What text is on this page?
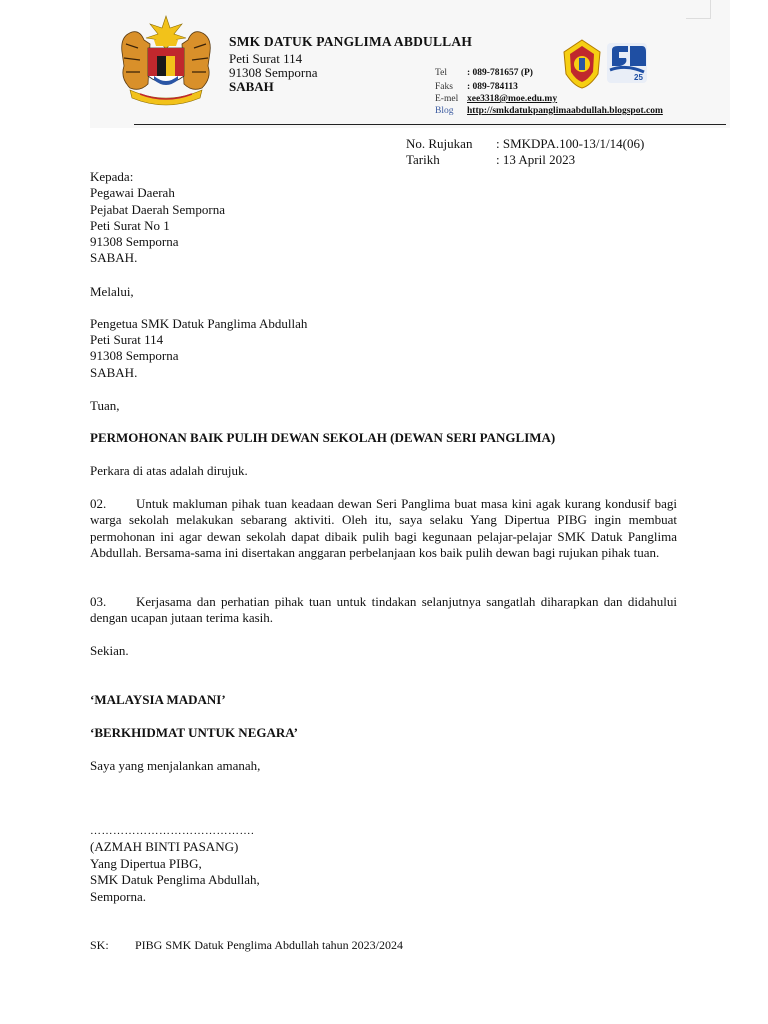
SMK DATUK PANGLIMA ABDULLAH
Peti Surat 114
91308 Semporna
SABAH
Tel : 089-781657 (P)
Faks : 089-784113
E-mel xee3318@moe.edu.my
Blog http://smkdatukpanglimaabdullah.blogspot.com
25
No. Rujukan : SMKDPA.100-13/1/14(06)
Tarikh	: 13 April 2023
Kepada:
Pegawai Daerah
Pejabat Daerah Semporna
Peti Surat No 1
91308 Semporna
SABAH.
Melalui,
Pengetua SMK Datuk Panglima Abdullah
Peti Surat 114
91308 Semporna
SABAH.
Tuan,
PERMOHONAN BAIK PULIH DEWAN SEKOLAH (DEWAN SERI PANGLIMA)
Perkara di atas adalah dirujuk.
02. Untuk makluman pihak tuan keadaan dewan Seri Panglima buat masa kini agak kurang kondusif bagi warga sekolah melakukan sebarang aktiviti. Oleh itu, saya selaku Yang Dipertua PIBG ingin membuat permohonan ini agar dewan sekolah dapat dibaik pulih bagi kegunaan pelajar-pelajar SMK Datuk Panglima Abdullah. Bersama-sama ini disertakan anggaran perbelanjaan kos baik pulih dewan bagi rujukan pihak tuan.
03. Kerjasama dan perhatian pihak tuan untuk tindakan selanjutnya sangatlah diharapkan dan didahului dengan ucapan jutaan terima kasih.
Sekian.
‘MALAYSIA MADANI’
‘BERKHIDMAT UNTUK NEGARA’
Saya yang menjalankan amanah,
…………………………………….
(AZMAH BINTI PASANG)
Yang Dipertua PIBG,
SMK Datuk Penglima Abdullah,
Semporna.
SK: PIBG SMK Datuk Penglima Abdullah tahun 2023/2024
